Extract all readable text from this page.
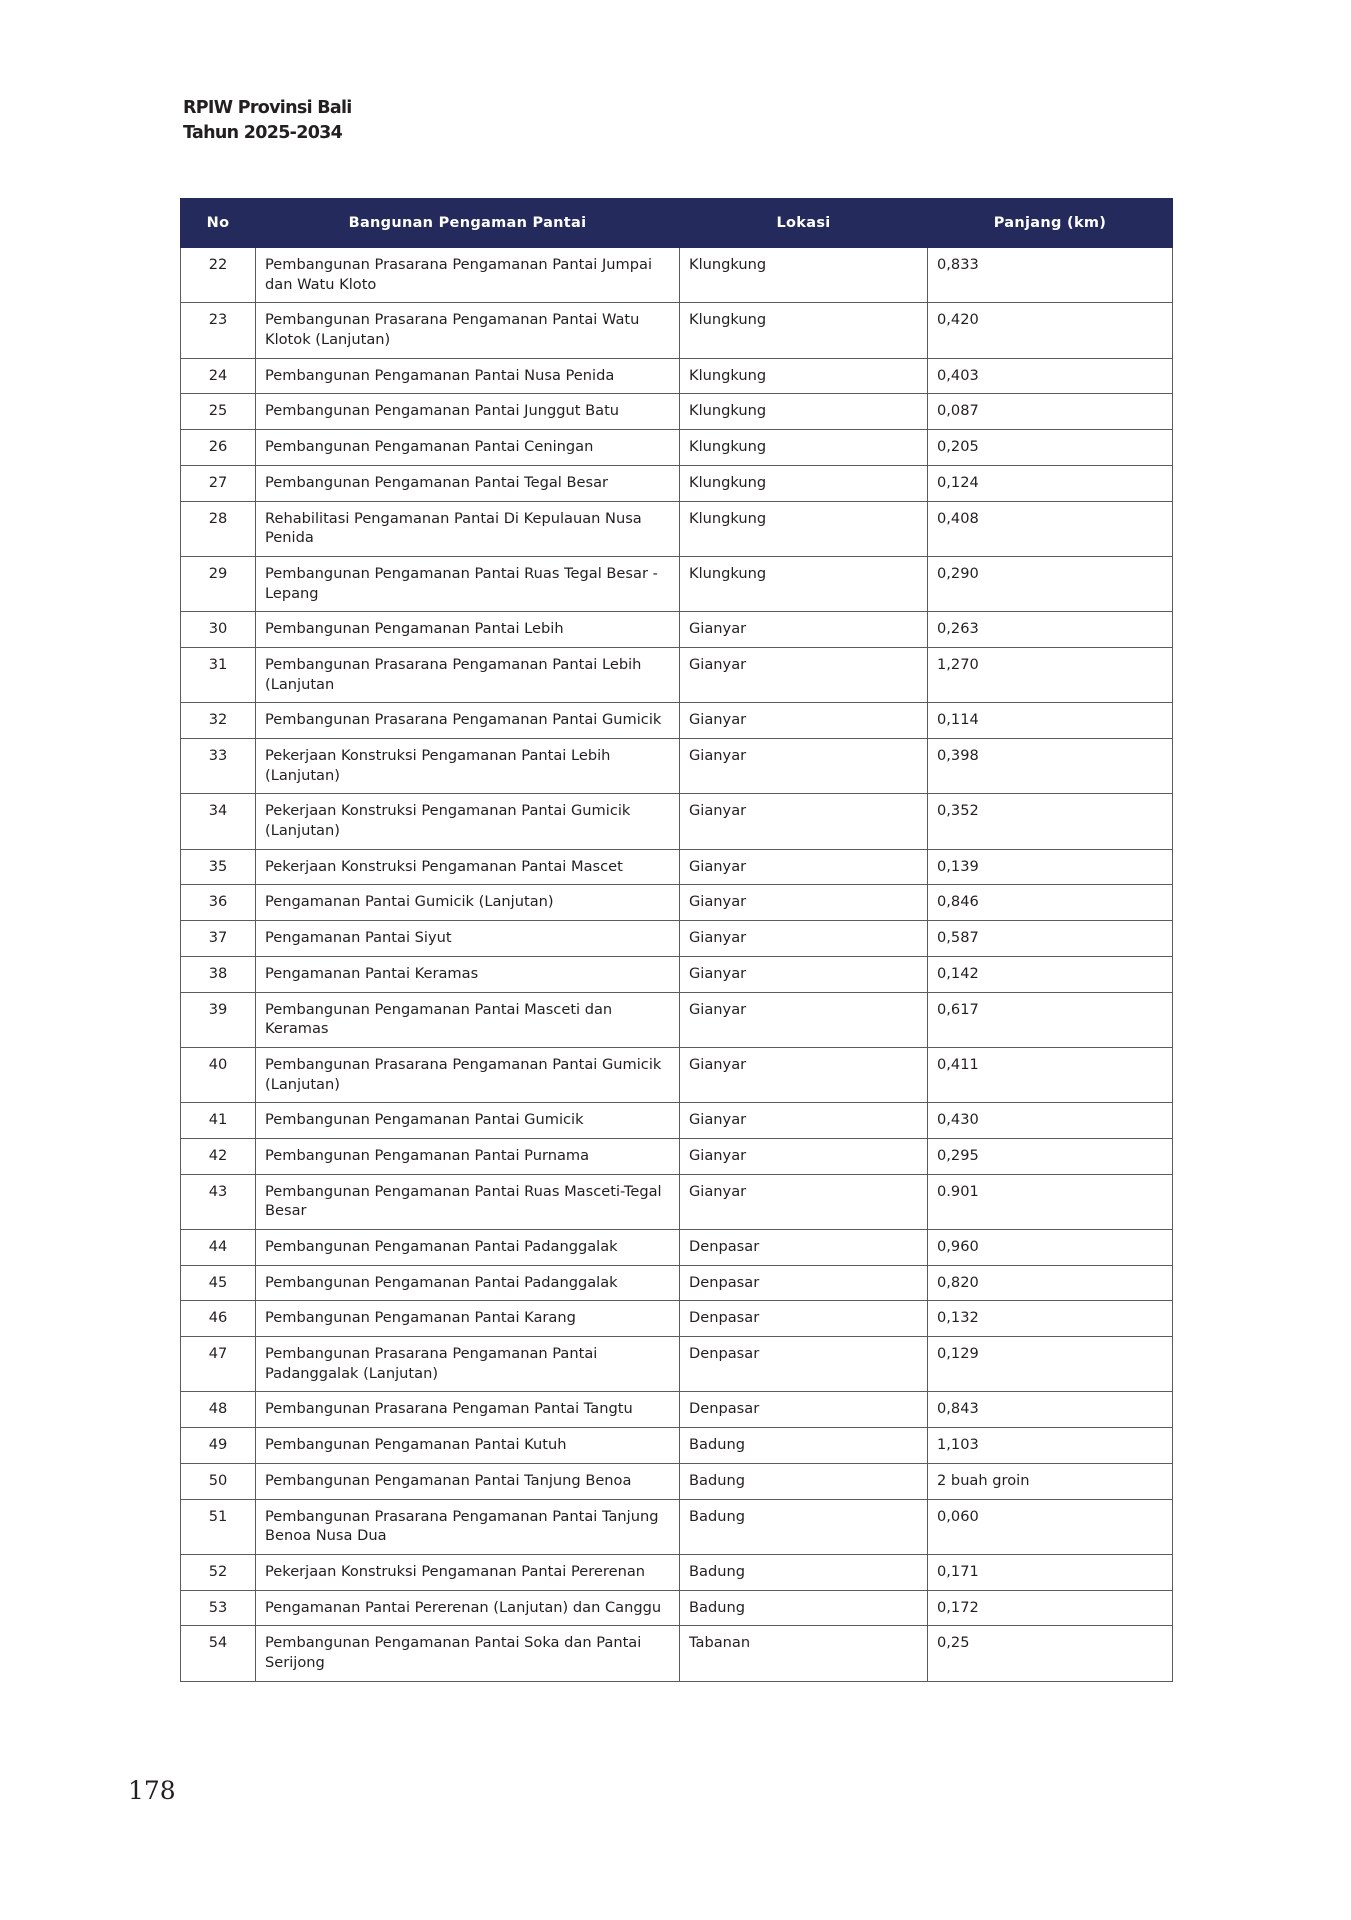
RPIW Provinsi Bali
Tahun 2025-2034
No	Bangunan Pengaman Pantai	Lokasi	Panjang (km)
22	Pembangunan Prasarana Pengamanan Pantai Jumpai dan Watu Kloto	Klungkung	0,833
23	Pembangunan Prasarana Pengamanan Pantai Watu Klotok (Lanjutan)	Klungkung	0,420
24	Pembangunan Pengamanan Pantai Nusa Penida	Klungkung	0,403
25	Pembangunan Pengamanan Pantai Junggut Batu	Klungkung	0,087
26	Pembangunan Pengamanan Pantai Ceningan	Klungkung	0,205
27	Pembangunan Pengamanan Pantai Tegal Besar	Klungkung	0,124
28	Rehabilitasi Pengamanan Pantai Di Kepulauan Nusa Penida	Klungkung	0,408
29	Pembangunan Pengamanan Pantai Ruas Tegal Besar - Lepang	Klungkung	0,290
30	Pembangunan Pengamanan Pantai Lebih	Gianyar	0,263
31	Pembangunan Prasarana Pengamanan Pantai Lebih (Lanjutan	Gianyar	1,270
32	Pembangunan Prasarana Pengamanan Pantai Gumicik	Gianyar	0,114
33	Pekerjaan Konstruksi Pengamanan Pantai Lebih (Lanjutan)	Gianyar	0,398
34	Pekerjaan Konstruksi Pengamanan Pantai Gumicik (Lanjutan)	Gianyar	0,352
35	Pekerjaan Konstruksi Pengamanan Pantai Mascet	Gianyar	0,139
36	Pengamanan Pantai Gumicik (Lanjutan)	Gianyar	0,846
37	Pengamanan Pantai Siyut	Gianyar	0,587
38	Pengamanan Pantai Keramas	Gianyar	0,142
39	Pembangunan Pengamanan Pantai Masceti dan Keramas	Gianyar	0,617
40	Pembangunan Prasarana Pengamanan Pantai Gumicik (Lanjutan)	Gianyar	0,411
41	Pembangunan Pengamanan Pantai Gumicik	Gianyar	0,430
42	Pembangunan Pengamanan Pantai Purnama	Gianyar	0,295
43	Pembangunan Pengamanan Pantai Ruas Masceti-Tegal Besar	Gianyar	0.901
44	Pembangunan Pengamanan Pantai Padanggalak	Denpasar	0,960
45	Pembangunan Pengamanan Pantai Padanggalak	Denpasar	0,820
46	Pembangunan Pengamanan Pantai Karang	Denpasar	0,132
47	Pembangunan Prasarana Pengamanan Pantai Padanggalak (Lanjutan)	Denpasar	0,129
48	Pembangunan Prasarana Pengaman Pantai Tangtu	Denpasar	0,843
49	Pembangunan Pengamanan Pantai Kutuh	Badung	1,103
50	Pembangunan Pengamanan Pantai Tanjung Benoa	Badung	2 buah groin
51	Pembangunan Prasarana Pengamanan Pantai Tanjung Benoa Nusa Dua	Badung	0,060
52	Pekerjaan Konstruksi Pengamanan Pantai Pererenan	Badung	0,171
53	Pengamanan Pantai Pererenan (Lanjutan) dan Canggu	Badung	0,172
54	Pembangunan Pengamanan Pantai Soka dan Pantai Serijong	Tabanan	0,25
178
